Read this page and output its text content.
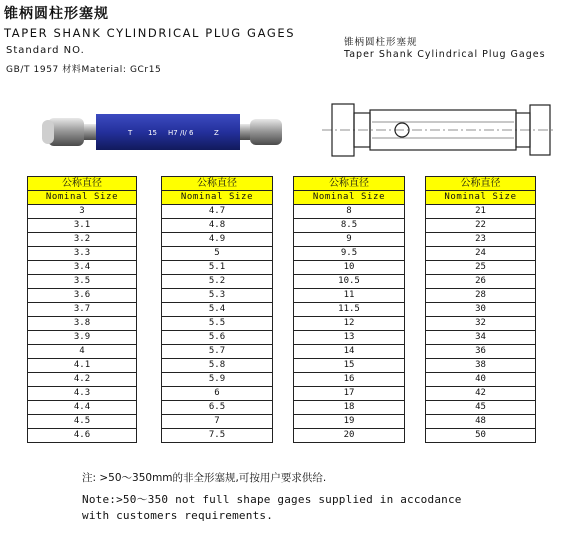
锥柄圆柱形塞规
TAPER SHANK CYLINDRICAL PLUG GAGES
Standard NO.
GB/T 1957 材料Material: GCr15
T 15 H7 /I/ 6	Z
锥柄圆柱形塞规
Taper Shank Cylindrical Plug Gages
公称直径
Nominal Size
3
3.1
3.2
3.3
3.4
3.5
3.6
3.7
3.8
3.9
4
4.1
4.2
4.3
4.4
4.5
4.6
公称直径
Nominal Size
4.7
4.8
4.9
5
5.1
5.2
5.3
5.4
5.5
5.6
5.7
5.8
5.9
6
6.5
7
7.5
公称直径
Nominal Size
8
8.5
9
9.5
10
10.5
11
11.5
12
13
14
15
16
17
18
19
20
公称直径
Nominal Size
21
22
23
24
25
26
28
30
32
34
36
38
40
42
45
48
50
注: >50～350mm的非全形塞规,可按用户要求供给.
Note:>50～350 not full shape gages supplied in accodance
with customers requirements.
